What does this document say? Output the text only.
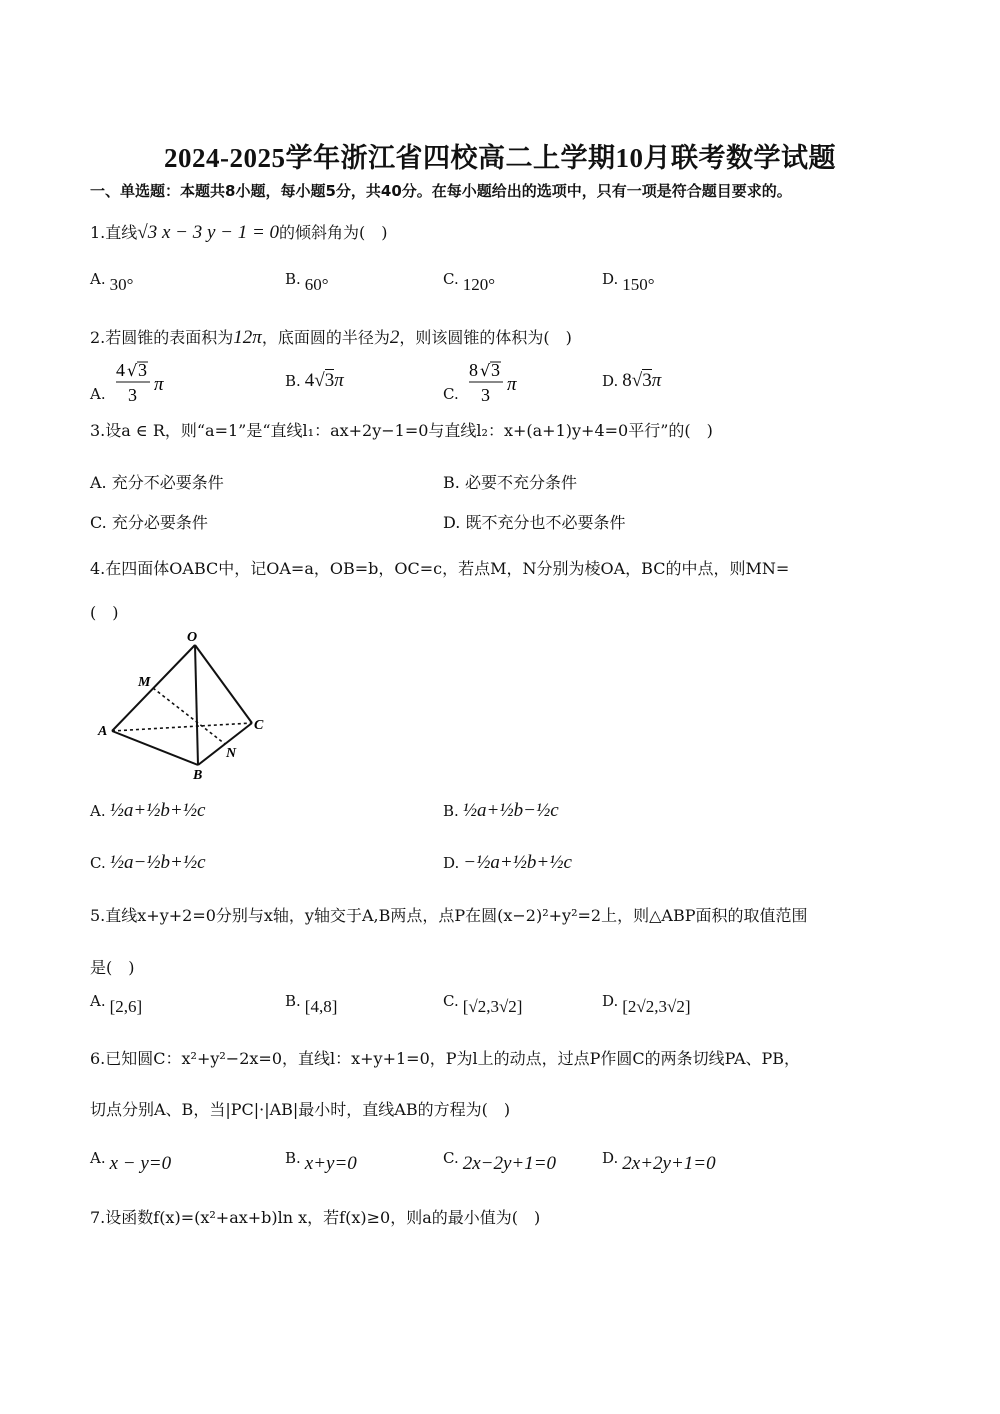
2024-2025学年浙江省四校高二上学期10月联考数学试题
一、单选题：本题共8小题，每小题5分，共40分。在每小题给出的选项中，只有一项是符合题目要求的。
1.直线√3 x − 3 y − 1 = 0的倾斜角为(　)
A. 30°	B. 60°	C. 120°	D. 150°
2.若圆锥的表面积为12π，底面圆的半径为2，则该圆锥的体积为(　)
A.
4 √ 3
3 π	B. 4√3π
C.
8 √ 3
3 π	D. 8√3π
3.设a ∈ R，则“a=1”是“直线l₁：ax+2y−1=0与直线l₂：x+(a+1)y+4=0平行”的(　)
A. 充分不必要条件	B. 必要不充分条件
C. 充分必要条件	D. 既不充分也不必要条件
4.在四面体OABC中，记OA=a，OB=b，OC=c，若点M，N分别为棱OA，BC的中点，则MN=
(　)
O
M
A	C
N
B
A. ½a+½b+½c	B. ½a+½b−½c
C. ½a−½b+½c	D. −½a+½b+½c
5.直线x+y+2=0分别与x轴，y轴交于A,B两点，点P在圆(x−2)²+y²=2上，则△ABP面积的取值范围
是(　)
A. [2,6]	B. [4,8]	C. [√2,3√2]	D. [2√2,3√2]
6.已知圆C：x²+y²−2x=0，直线l：x+y+1=0，P为l上的动点，过点P作圆C的两条切线PA、PB，
切点分别A、B，当|PC|·|AB|最小时，直线AB的方程为(　)
A. x − y=0	B. x+y=0	C. 2x−2y+1=0	D. 2x+2y+1=0
7.设函数f(x)=(x²+ax+b)ln x，若f(x)≥0，则a的最小值为(　)
